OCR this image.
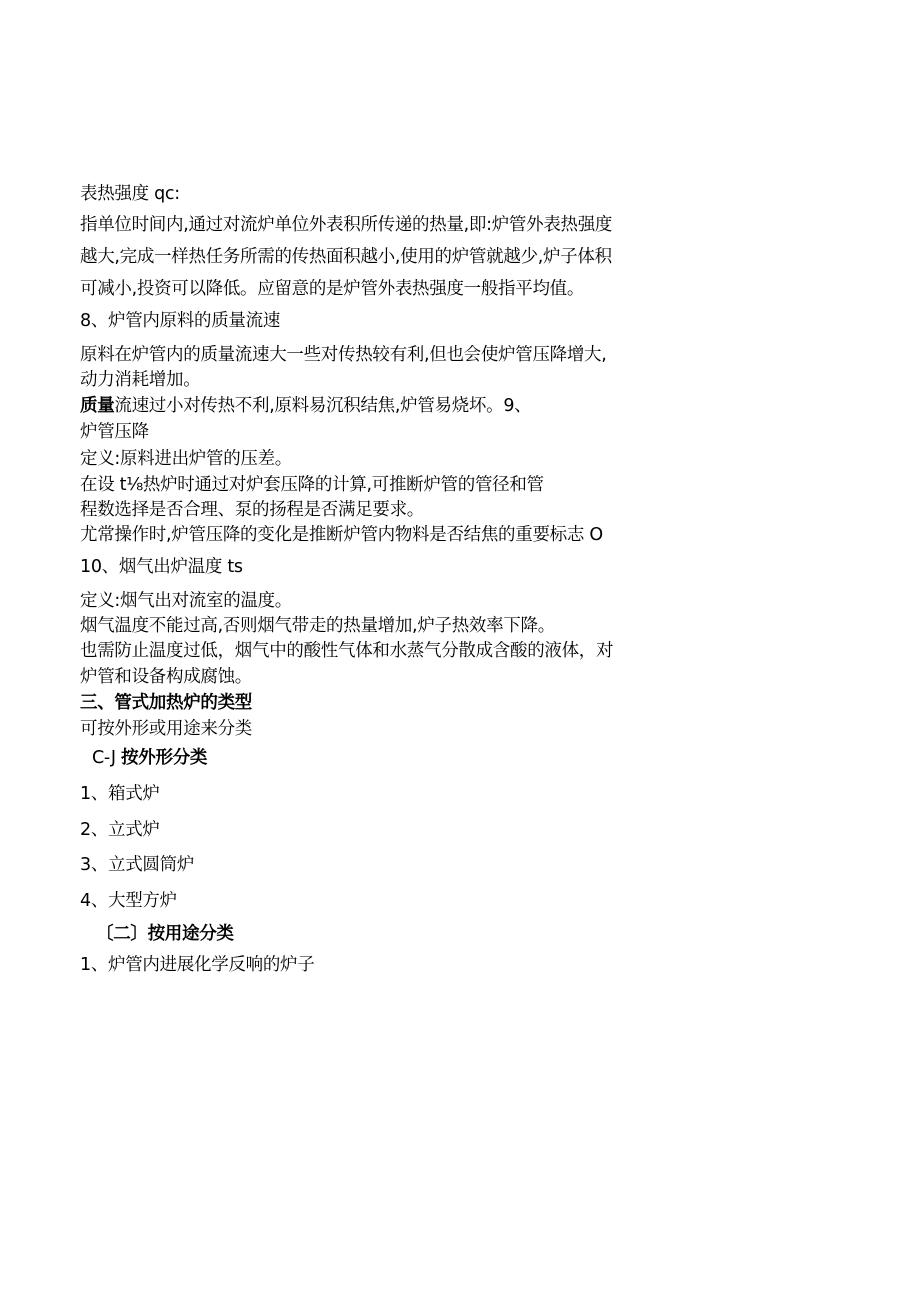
表热强度 qc:
指单位时间内,通过对流炉单位外表积所传递的热量,即:炉管外表热强度
越大,完成一样热任务所需的传热面积越小,使用的炉管就越少,炉子体积
可减小,投资可以降低。应留意的是炉管外表热强度一般指平均值。
8、炉管内原料的质量流速
原料在炉管内的质量流速大一些对传热较有利,但也会使炉管压降增大,
动力消耗增加。
质量流速过小对传热不利,原料易沉积结焦,炉管易烧坏。9、
炉管压降
定义:原料进出炉管的压差。
在设 t⅛热炉时通过对炉套压降的计算,可推断炉管的管径和管
程数选择是否合理、泵的扬程是否满足要求。
尤常操作时,炉管压降的变化是推断炉管内物料是否结焦的重要标志 O
10、烟气出炉温度 ts
定义:烟气出对流室的温度。
烟气温度不能过高,否则烟气带走的热量增加,炉子热效率下降。
也需防止温度过低，烟气中的酸性气体和水蒸气分散成含酸的液体，对
炉管和设备构成腐蚀。
三、管式加热炉的类型
可按外形或用途来分类
C-J 按外形分类
1、箱式炉
2、立式炉
3、立式圆筒炉
4、大型方炉
〔二〕按用途分类
1、炉管内进展化学反响的炉子
